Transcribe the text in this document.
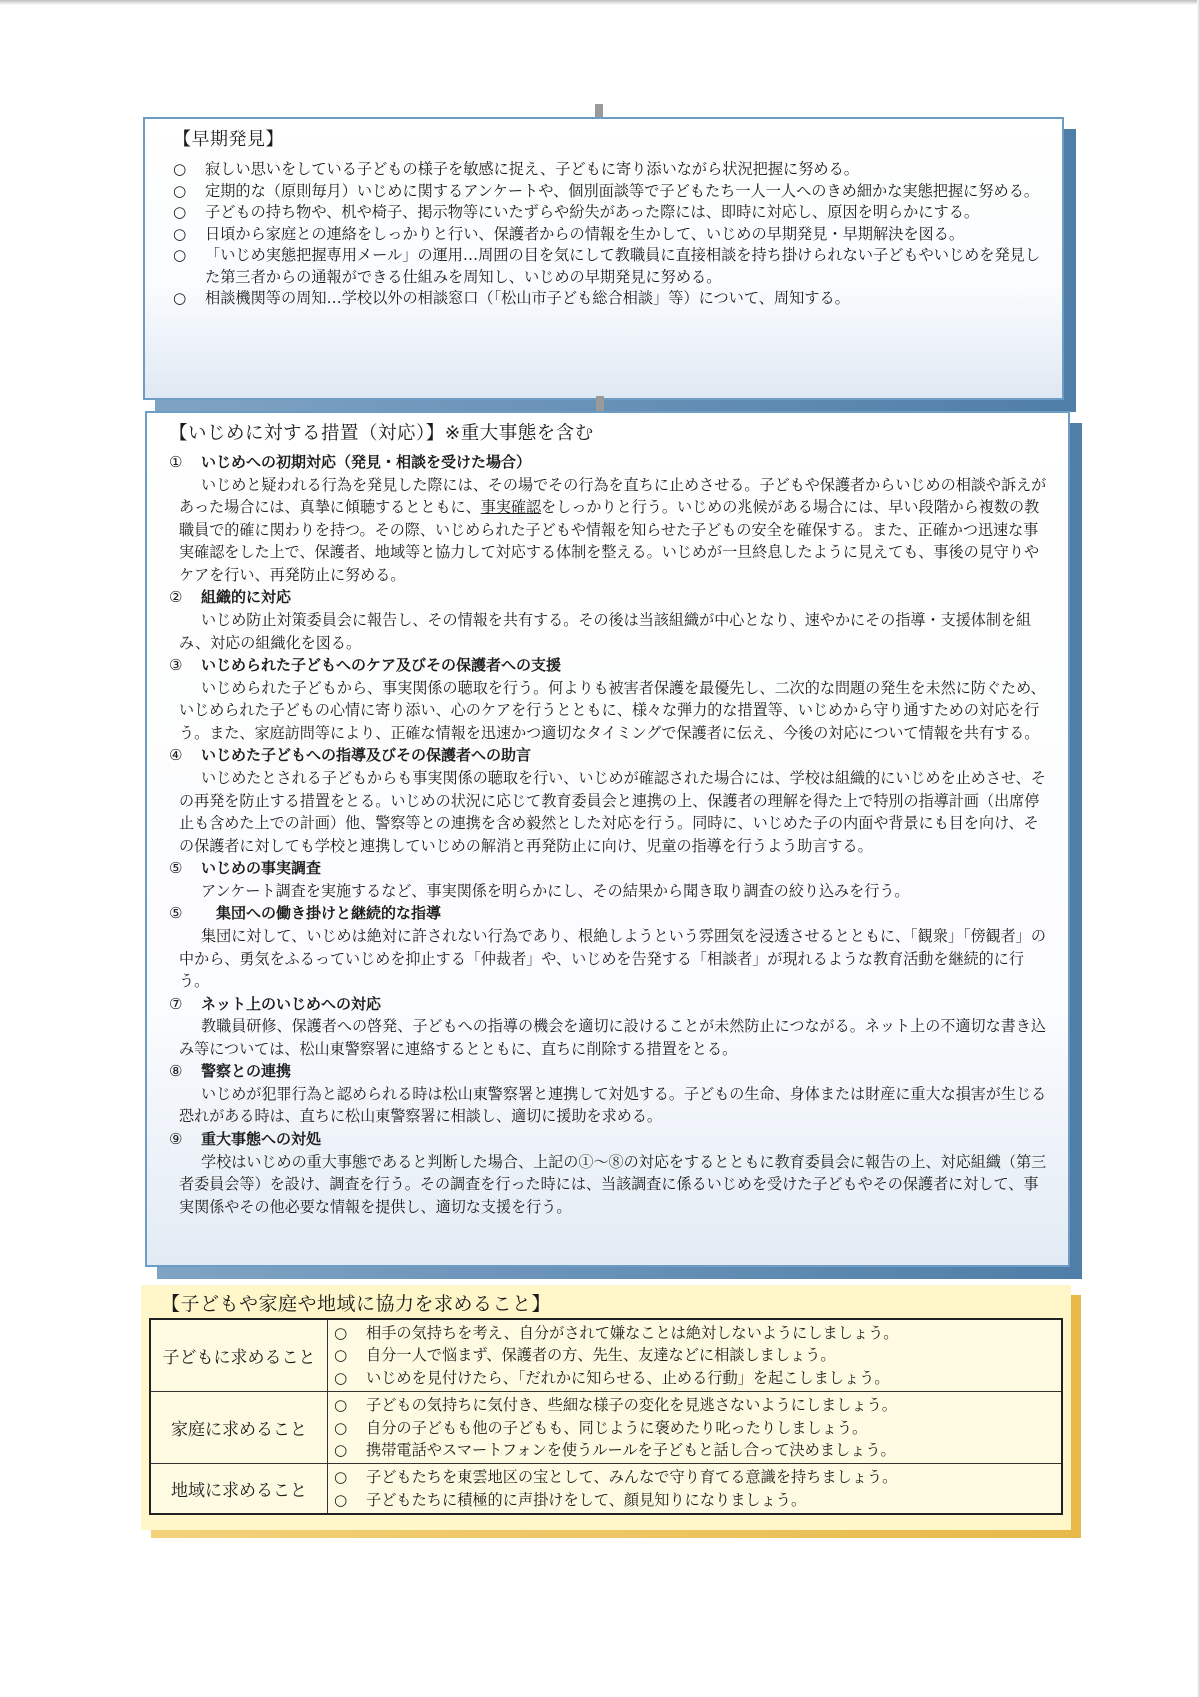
【早期発見】

○ 寂しい思いをしている子どもの様子を敏感に捉え、子どもに寄り添いながら状況把握に努める。

○ 定期的な（原則毎月）いじめに関するアンケートや、個別面談等で子どもたち一人一人へのきめ細かな実態把握に努める。

○ 子どもの持ち物や、机や椅子、掲示物等にいたずらや紛失があった際には、即時に対応し、原因を明らかにする。

○ 日頃から家庭との連絡をしっかりと行い、保護者からの情報を生かして、いじめの早期発見・早期解決を図る。

○ 「いじめ実態把握専用メール」の運用…周囲の目を気にして教職員に直接相談を持ち掛けられない子どもやいじめを発見した第三者からの通報ができる仕組みを周知し、いじめの早期発見に努める。

○ 相談機関等の周知…学校以外の相談窓口（「松山市子ども総合相談」等）について、周知する。

【いじめに対する措置（対応）】※重大事態を含む

① いじめへの初期対応（発見・相談を受けた場合）

いじめと疑われる行為を発見した際には、その場でその行為を直ちに止めさせる。子どもや保護者からいじめの相談や訴えがあった場合には、真摯に傾聴するとともに、事実確認をしっかりと行う。いじめの兆候がある場合には、早い段階から複数の教職員で的確に関わりを持つ。その際、いじめられた子どもや情報を知らせた子どもの安全を確保する。また、正確かつ迅速な事実確認をした上で、保護者、地域等と協力して対応する体制を整える。いじめが一旦終息したように見えても、事後の見守りやケアを行い、再発防止に努める。

② 組織的に対応

いじめ防止対策委員会に報告し、その情報を共有する。その後は当該組織が中心となり、速やかにその指導・支援体制を組み、対応の組織化を図る。

③ いじめられた子どもへのケア及びその保護者への支援

いじめられた子どもから、事実関係の聴取を行う。何よりも被害者保護を最優先し、二次的な問題の発生を未然に防ぐため、いじめられた子どもの心情に寄り添い、心のケアを行うとともに、様々な弾力的な措置等、いじめから守り通すための対応を行う。また、家庭訪問等により、正確な情報を迅速かつ適切なタイミングで保護者に伝え、今後の対応について情報を共有する。

④ いじめた子どもへの指導及びその保護者への助言

いじめたとされる子どもからも事実関係の聴取を行い、いじめが確認された場合には、学校は組織的にいじめを止めさせ、その再発を防止する措置をとる。いじめの状況に応じて教育委員会と連携の上、保護者の理解を得た上で特別の指導計画（出席停止も含めた上での計画）他、警察等との連携を含め毅然とした対応を行う。同時に、いじめた子の内面や背景にも目を向け、その保護者に対しても学校と連携していじめの解消と再発防止に向け、児童の指導を行うよう助言する。

⑤ いじめの事実調査

アンケート調査を実施するなど、事実関係を明らかにし、その結果から聞き取り調査の絞り込みを行う。

⑤　集団への働き掛けと継続的な指導

集団に対して、いじめは絶対に許されない行為であり、根絶しようという雰囲気を浸透させるとともに、「観衆」「傍観者」の中から、勇気をふるっていじめを抑止する「仲裁者」や、いじめを告発する「相談者」が現れるような教育活動を継続的に行う。

⑦ ネット上のいじめへの対応

教職員研修、保護者への啓発、子どもへの指導の機会を適切に設けることが未然防止につながる。ネット上の不適切な書き込み等については、松山東警察署に連絡するとともに、直ちに削除する措置をとる。

⑧ 警察との連携

いじめが犯罪行為と認められる時は松山東警察署と連携して対処する。子どもの生命、身体または財産に重大な損害が生じる恐れがある時は、直ちに松山東警察署に相談し、適切に援助を求める。

⑨ 重大事態への対処

学校はいじめの重大事態であると判断した場合、上記の①～⑧の対応をするとともに教育委員会に報告の上、対応組織（第三者委員会等）を設け、調査を行う。その調査を行った時には、当該調査に係るいじめを受けた子どもやその保護者に対して、事実関係やその他必要な情報を提供し、適切な支援を行う。

【子どもや家庭や地域に協力を求めること】
子どもに求めること	○ 相手の気持ちを考え、自分がされて嫌なことは絶対しないようにしましょう。

○ 自分一人で悩まず、保護者の方、先生、友達などに相談しましょう。

○ いじめを見付けたら、「だれかに知らせる、止める行動」を起こしましょう。

家庭に求めること	○ 子どもの気持ちに気付き、些細な様子の変化を見逃さないようにしましょう。

○ 自分の子どもも他の子どもも、同じように褒めたり叱ったりしましょう。

○ 携帯電話やスマートフォンを使うルールを子どもと話し合って決めましょう。

地域に求めること	○ 子どもたちを東雲地区の宝として、みんなで守り育てる意識を持ちましょう。

○ 子どもたちに積極的に声掛けをして、顔見知りになりましょう。
